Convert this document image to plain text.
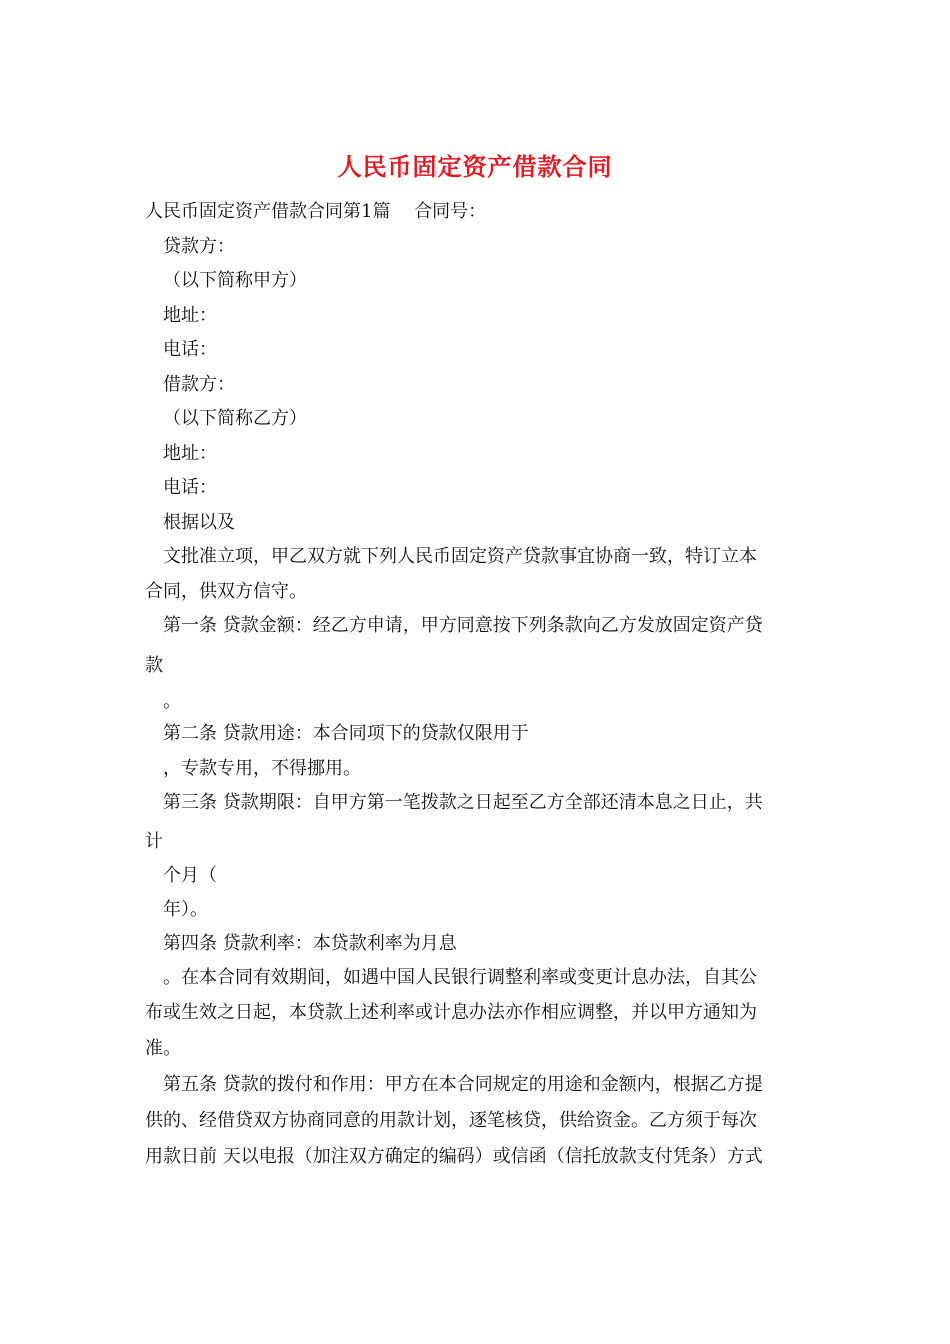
人民币固定资产借款合同
人民币固定资产借款合同第1篇　 合同号：
贷款方：
（以下简称甲方）
地址：
电话：
借款方：
（以下简称乙方）
地址：
电话：
根据以及
文批准立项，甲乙双方就下列人民币固定资产贷款事宜协商一致，特订立本
合同，供双方信守。
第一条 贷款金额：经乙方申请，甲方同意按下列条款向乙方发放固定资产贷
款
。
第二条 贷款用途：本合同项下的贷款仅限用于
，专款专用，不得挪用。
第三条 贷款期限：自甲方第一笔拨款之日起至乙方全部还清本息之日止，共
计
个月（
年）。
第四条 贷款利率：本贷款利率为月息
。在本合同有效期间，如遇中国人民银行调整利率或变更计息办法，自其公
布或生效之日起，本贷款上述利率或计息办法亦作相应调整，并以甲方通知为
准。
第五条 贷款的拨付和作用：甲方在本合同规定的用途和金额内，根据乙方提
供的、经借贷双方协商同意的用款计划，逐笔核贷，供给资金。乙方须于每次
用款日前 天以电报（加注双方确定的编码）或信函（信托放款支付凭条）方式
